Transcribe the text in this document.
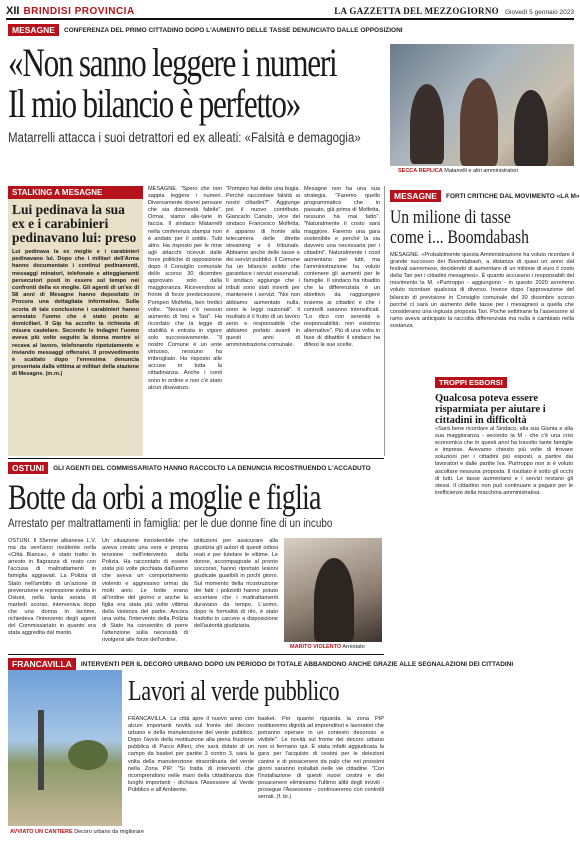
XII BRINDISI PROVINCIA	LA GAZZETTA DEL MEZZOGIORNO Giovedì 5 gennaio 2023
MESAGNE	CONFERENZA DEL PRIMO CITTADINO DOPO L'AUMENTO DELLE TASSE DENUNCIATO DALLE OPPOSIZIONI
«Non sanno leggere i numeri
Il mio bilancio è perfetto»
Matarrelli attacca i suoi detrattori ed ex alleati: «Falsità e demagogia»
SECCA REPLICA Matarrelli e altri amministratori
STALKING A MESAGNE
Lui pedinava la sua ex e i carabinieri pedinavano lui: preso

Lui pedinava la ex moglie e i carabinieri pedinavano lui. Dopo che i militari dell'Arma hanno documentato i continui pedinamenti, messaggi minatori, telefonate e atteggiamenti persecutori posti in essere sul tempo nei confronti della ex moglie. Gli agenti di un'ex di 58 anni di Mesagne hanno depositato in Procura una dettagliata informativa. Sulla scorta di tale conclusione i carabinieri hanno arrestato l'uomo che è stato posto ai domiciliari. Il Gip ha accolto la richiesta di misura cautelare. Secondo le indagini l'uomo aveva più volte seguito la donna mentre si recava al lavoro, telefonando ripetutamente e inviando messaggi offensivi. Il provvedimento è scattato dopo l'ennesima denuncia presentata dalla vittima ai militari della stazione di Mesagne. (m.m.)

MESAGNE. "Spero che non sappia leggere i numeri. Diversamente dovrei pensare che sia disonestà fabrile". Ormai, siamo alle-tarie in faccia. Il sindaco Matarrelli nella conferenza stampa non è andato per il sottile. Tutti altro. Ha risposto per le rime agli attacchi ricevuti dalle forze politiche di opposizione dopo il Consiglio comunale dello scorso 30 dicembre approvato solo dalla maggioranza. Ricevendosi al fronte di forze predecessore, Pompeo Molfetta, ben tredici volte. "Nessun c'è nessun aumento di Imu e Tasi". Ha ricordato che la legge di stabilità è entrata in vigore solo successivamente. "Il nostro Comune è un ente virtuoso, nessuno ha imbrogliato. Ha risposto alle accuse in tutta la cittadinanza. Anche i conti sono in ordine e non c'è stato alcun disavanzo.
"Pompeo hai detto una bugia. Perché raccontare falsità ai nostri cittadini?". Aggiunge poi il nuovo contributo. Giancarlo Canuto, vice del sindaco Francesco Molfetta, è apparso di fronte alla telecamera delle dirette streaming e il tribunale. Abbiamo anche delle tasse e dei servizi pubblici. Il Comune ha un bilancio solido che garantisce i servizi essenziali. Il sindaco aggiunge che i tributi sono stati inseriti per mantenere i servizi. "Noi non abbiamo aumentato nulla, sono le leggi nazionali". Il risultato è il frutto di un lavoro serio e responsabile che abbiamo portato avanti in questi anni di amministrazione comunale.
Mesagne non ha una sua strategia. "Faremo quello programmatico che in passato, già prima di Molfetta, nessuno ha mai fatto". "Naturalmente il costo sarà maggiore. Faremo una gara sostenibile e perché la sia davvero una necessaria per i cittadini". Naturalmente i costi aumentano per tutti, ma l'amministrazione ha voluto contenere gli aumenti per le famiglie. Il sindaco ha ribadito che la differenziata è un obiettivo da raggiungere insieme ai cittadini e che i controlli saranno intensificati. "Lo dico con serenità e responsabilità: non esistono alternative". Più di una volta in fase di dibattito il sindaco ha difeso le sue scelte.
MESAGNE	FORTI CRITICHE DAL MOVIMENTO «LA M»
Un milione di tasse
come i... Boomdabash
MESAGNE. «Probabilmente questa Amministrazione ha voluto ricordare il grande successo dei Boomdabash, a distanza di quasi un anno dal festival sanremese, decidendo di aumentare di un milione di euro il costo della Tari per i cittadini mesagnesi». È quanto accusano i responsabili del movimento la M. «Purtroppo - aggiungono - in questo 2020 avremmo voluto ricordare qualcosa di diverso. Invece dopo l'approvazione del bilancio di previsione in Consiglio comunale del 30 dicembre scorso perché ci sarà un aumento delle tasse per i mesagnesi a quella che considerano una ingiusta proposta Tari. Poche settimane fa l'assessore al ramo aveva anticipato la raccolta differenziata ma nulla è cambiato nella sostanza.
TROPPI ESBORSI
Qualcosa poteva essere risparmiata per aiutare i cittadini in difficoltà
«Sarà bene ricordare al Sindaco, alla sua Giunta e alla sua maggioranza - secondo la M - che c'è una crisi economica che in questi anni ha travolto tante famiglie e imprese. Avevamo chiesto più volte di trovare soluzioni per i cittadini più esposti, a partire dai lavoratori e dalle partite Iva. Purtroppo non si è voluto ascoltare nessuna proposta. Il risultato è sotto gli occhi di tutti. Le tasse aumentano e i servizi restano gli stessi. Il cittadino non può continuare a pagare per le inefficienze della macchina amministrativa.
OSTUNI	GLI AGENTI DEL COMMISSARIATO HANNO RACCOLTO LA DENUNCIA RICOSTRUENDO L'ACCADUTO
Botte da orbi a moglie e figlia
Arrestato per maltrattamenti in famiglia: per le due donne fine di un incubo
OSTUNI. Il 55enne albanese L.V. ma da vent'anni residente nella «Città Bianca», è stato tratto in arresto in flagranza di reato con l'accusa di maltrattamenti in famiglia aggravati. La Polizia di Stato nell'ambito di un'azione di prevenzione e repressione svolta in Ostuni, nella tarda serata di martedì scorso, interveniva dopo che una donna in lacrime, richiedeva l'intervento degli agenti del Commissariato in quanto era stata aggredita dal marito.
Un situazione insostenibile che aveva creato una vera e propria tensione nell'intervento della Polizia. Ha raccontato di essere stata più volte picchiata dall'uomo che aveva un comportamento violento e aggressivo ormai da molti anni. Le botte erano all'ordine del giorno e anche la figlia era stata più volte vittima della violenza del padre. Ancora una volta, l'intervento della Polizia di Stato ha consentito di porre l'attenzione sulla necessità di rivolgersi alle forze dell'ordine.
istituzioni per assicurare alla giustizia gli autori di questi odiosi reati e per tutelare le vittime. Le donne, accompagnate al pronto soccorso, hanno riportato lesioni giudicate guaribili in pochi giorni. Sul momento della ricostruzione dei fatti i poliziotti hanno potuto accertare che i maltrattamenti duravano da tempo. L'uomo, dopo le formalità di rito, è stato tradotto in carcere a disposizione dell'autorità giudiziaria.
MARITO VIOLENTO Arrestato
FRANCAVILLA	INTERVENTI PER IL DECORO URBANO DOPO UN PERIODO DI TOTALE ABBANDONO ANCHE GRAZIE ALLE SEGNALAZIONI DEI CITTADINI
AVVIATO UN CANTIERE Decoro urbano da migliorare
Lavori al verde pubblico
FRANCAVILLA. La città apre il nuovo anno con alcuni importanti novità sul fronte del decoro urbano e della manutenzione del verde pubblico. Dopo l'avvio della restituzione alla piena fruizione pubblica di Parco Alfieri, che sarà dotato di un campo da basket per partite 3 contro 3, sarà la volta della manutenzione straordinaria del verde nella Zona PIP. "Si tratta di interventi che ricomprendono nelle mani della cittadinanza due luoghi importanti - dichiara l'Assessore al Verde Pubblico e all'Ambiente.
basket. Per quanto riguarda la zona PIP restituiremo dignità ad imprenditori e lavoratori che potranno operare in un contesto decoroso e vivibile". Le novità sul fronte del decoro urbano non si fermano qui. È stata infatti aggiudicata la gara per l'acquisto di cestini per le deiezioni canine e di posacenere da palo che nei prossimi giorni saranno installati nelle vie cittadine. "Con l'installazione di questi nuovi cestini e dei posacenere eliminiamo l'ultimo alibi degli incivili - prosegue l'Assessore - continueremo con controlli serrati. (f. br.)
